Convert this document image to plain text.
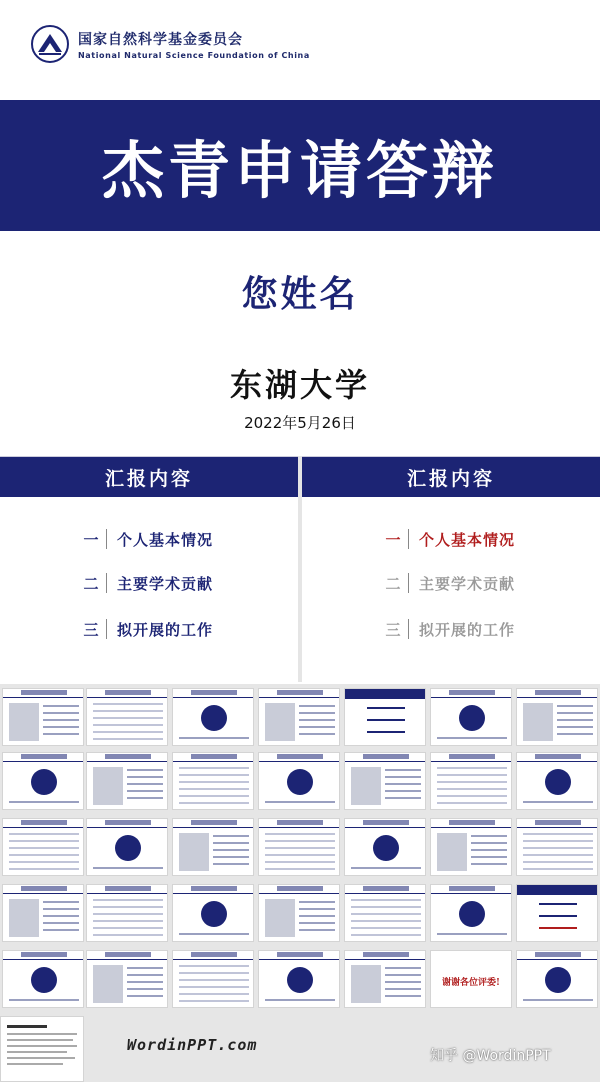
国家自然科学基金委员会
National Natural Science Foundation of China
杰青申请答辩
您姓名
东湖大学
2022年5月26日
汇报内容
一 个人基本情况
二 主要学术贡献
三 拟开展的工作
汇报内容
一 个人基本情况
二 主要学术贡献
三 拟开展的工作
谢谢各位评委!
WordinPPT.com
知乎 @WordinPPT
